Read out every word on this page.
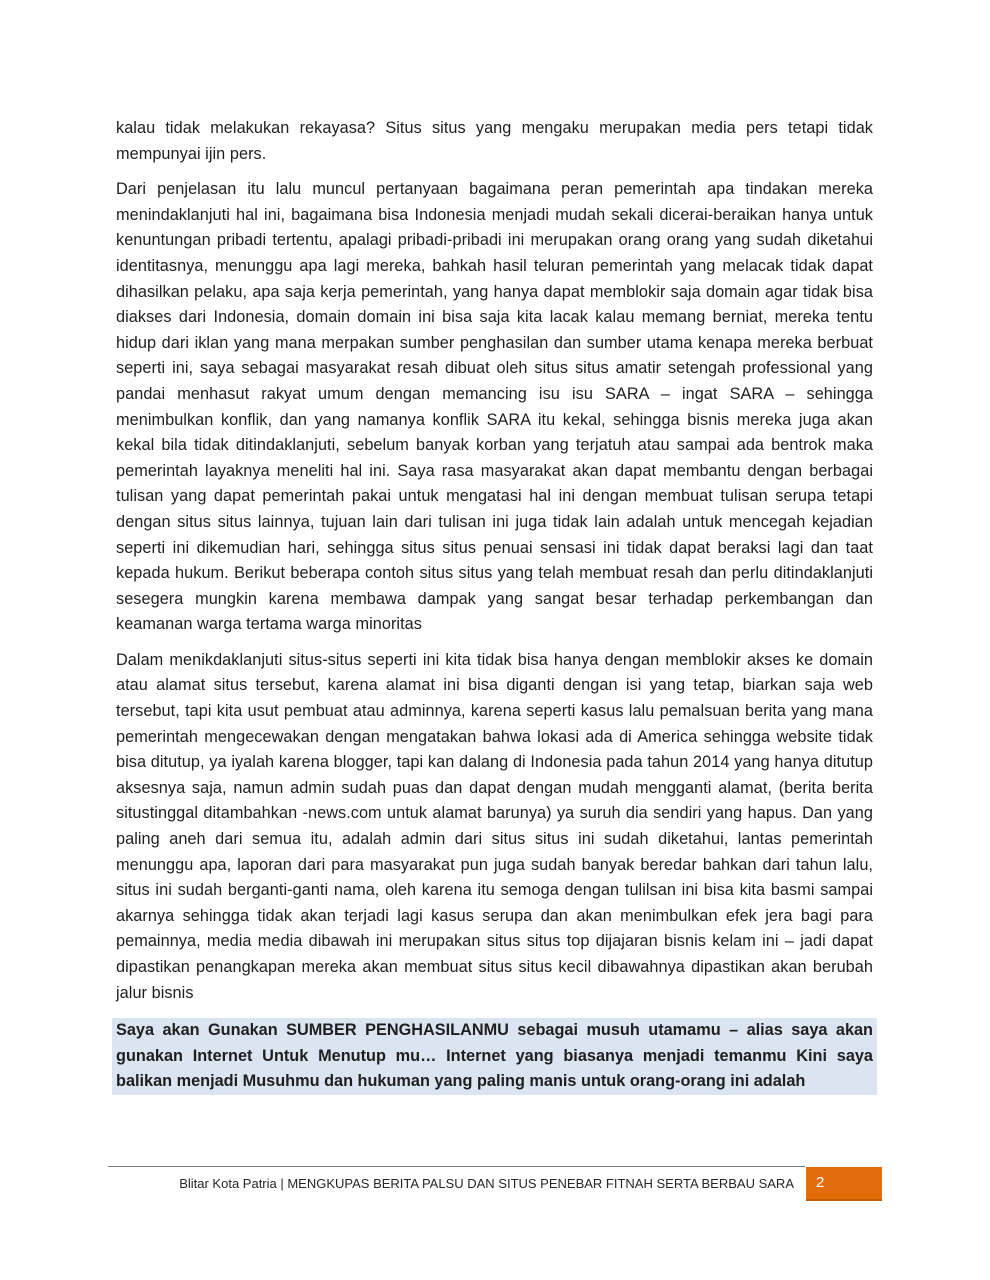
kalau tidak melakukan rekayasa? Situs situs yang mengaku merupakan media pers tetapi tidak mempunyai ijin pers.

Dari penjelasan itu lalu muncul pertanyaan bagaimana peran pemerintah apa tindakan mereka menindaklanjuti hal ini, bagaimana bisa Indonesia menjadi mudah sekali dicerai-beraikan hanya untuk kenuntungan pribadi tertentu, apalagi pribadi-pribadi ini merupakan orang orang yang sudah diketahui identitasnya, menunggu apa lagi mereka, bahkah hasil teluran pemerintah yang melacak tidak dapat dihasilkan pelaku, apa saja kerja pemerintah, yang hanya dapat memblokir saja domain agar tidak bisa diakses dari Indonesia, domain domain ini bisa saja kita lacak kalau memang berniat, mereka tentu hidup dari iklan yang mana merpakan sumber penghasilan dan sumber utama kenapa mereka berbuat seperti ini, saya sebagai masyarakat resah dibuat oleh situs situs amatir setengah professional yang pandai menhasut rakyat umum dengan memancing isu isu SARA – ingat SARA – sehingga menimbulkan konflik, dan yang namanya konflik SARA itu kekal, sehingga bisnis mereka juga akan kekal bila tidak ditindaklanjuti, sebelum banyak korban yang terjatuh atau sampai ada bentrok maka pemerintah layaknya meneliti hal ini. Saya rasa masyarakat akan dapat membantu dengan berbagai tulisan yang dapat pemerintah pakai untuk mengatasi hal ini dengan membuat tulisan serupa tetapi dengan situs situs lainnya, tujuan lain dari tulisan ini juga tidak lain adalah untuk mencegah kejadian seperti ini dikemudian hari, sehingga situs situs penuai sensasi ini tidak dapat beraksi lagi dan taat kepada hukum. Berikut beberapa contoh situs situs yang telah membuat resah dan perlu ditindaklanjuti sesegera mungkin karena membawa dampak yang sangat besar terhadap perkembangan dan keamanan warga tertama warga minoritas

Dalam menikdaklanjuti situs-situs seperti ini kita tidak bisa hanya dengan memblokir akses ke domain atau alamat situs tersebut, karena alamat ini bisa diganti dengan isi yang tetap, biarkan saja web tersebut, tapi kita usut pembuat atau adminnya, karena seperti kasus lalu pemalsuan berita yang mana pemerintah mengecewakan dengan mengatakan bahwa lokasi ada di America sehingga website tidak bisa ditutup, ya iyalah karena blogger, tapi kan dalang di Indonesia pada tahun 2014 yang hanya ditutup aksesnya saja, namun admin sudah puas dan dapat dengan mudah mengganti alamat, (berita berita situstinggal ditambahkan -news.com untuk alamat barunya) ya suruh dia sendiri yang hapus. Dan yang paling aneh dari semua itu, adalah admin dari situs situs ini sudah diketahui, lantas pemerintah menunggu apa, laporan dari para masyarakat pun juga sudah banyak beredar bahkan dari tahun lalu, situs ini sudah berganti-ganti nama, oleh karena itu semoga dengan tulilsan ini bisa kita basmi sampai akarnya sehingga tidak akan terjadi lagi kasus serupa dan akan menimbulkan efek jera bagi para pemainnya, media media dibawah ini merupakan situs situs top dijajaran bisnis kelam ini – jadi dapat dipastikan penangkapan mereka akan membuat situs situs kecil dibawahnya dipastikan akan berubah jalur bisnis

Saya akan Gunakan SUMBER PENGHASILANMU sebagai musuh utamamu – alias saya akan gunakan Internet Untuk Menutup mu… Internet yang biasanya menjadi temanmu Kini saya balikan menjadi Musuhmu dan hukuman yang paling manis untuk orang-orang ini adalah
Blitar Kota Patria | MENGKUPAS BERITA PALSU DAN SITUS PENEBAR FITNAH SERTA BERBAU SARA 2
